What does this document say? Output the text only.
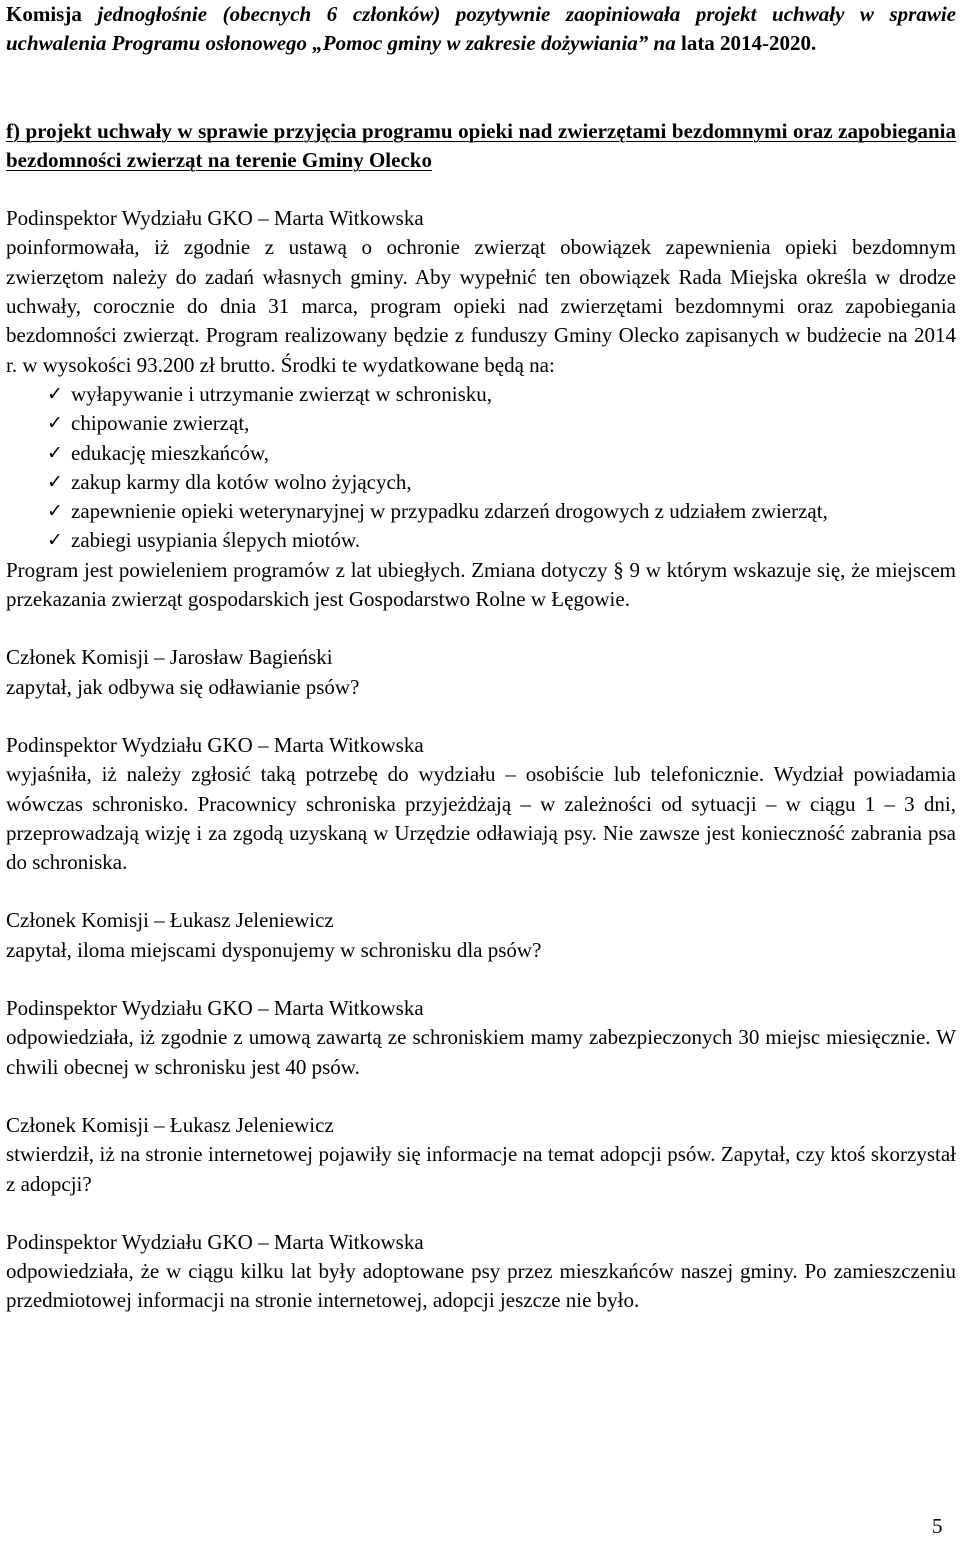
Komisja jednogłośnie (obecnych 6 członków) pozytywnie zaopiniowała projekt uchwały w sprawie uchwalenia Programu osłonowego „Pomoc gminy w zakresie dożywiania” na lata 2014-2020.

f) projekt uchwały w sprawie przyjęcia programu opieki nad zwierzętami bezdomnymi oraz zapobiegania bezdomności zwierząt na terenie Gminy Olecko

Podinspektor Wydziału GKO – Marta Witkowska

poinformowała, iż zgodnie z ustawą o ochronie zwierząt obowiązek zapewnienia opieki bezdomnym zwierzętom należy do zadań własnych gminy. Aby wypełnić ten obowiązek Rada Miejska określa w drodze uchwały, corocznie do dnia 31 marca, program opieki nad zwierzętami bezdomnymi oraz zapobiegania bezdomności zwierząt. Program realizowany będzie z funduszy Gminy Olecko zapisanych w budżecie na 2014 r. w wysokości 93.200 zł brutto. Środki te wydatkowane będą na:

✓ wyłapywanie i utrzymanie zwierząt w schronisku,
✓ chipowanie zwierząt,
✓ edukację mieszkańców,
✓ zakup karmy dla kotów wolno żyjących,
✓ zapewnienie opieki weterynaryjnej w przypadku zdarzeń drogowych z udziałem zwierząt,
✓ zabiegi usypiania ślepych miotów.

Program jest powieleniem programów z lat ubiegłych. Zmiana dotyczy § 9 w którym wskazuje się, że miejscem przekazania zwierząt gospodarskich jest Gospodarstwo Rolne w Łęgowie.

Członek Komisji – Jarosław Bagieński

zapytał, jak odbywa się odławianie psów?

Podinspektor Wydziału GKO – Marta Witkowska

wyjaśniła, iż należy zgłosić taką potrzebę do wydziału – osobiście lub telefonicznie. Wydział powiadamia wówczas schronisko. Pracownicy schroniska przyjeżdżają – w zależności od sytuacji – w ciągu 1 – 3 dni, przeprowadzają wizję i za zgodą uzyskaną w Urzędzie odławiają psy. Nie zawsze jest konieczność zabrania psa do schroniska.

Członek Komisji – Łukasz Jeleniewicz

zapytał, iloma miejscami dysponujemy w schronisku dla psów?

Podinspektor Wydziału GKO – Marta Witkowska

odpowiedziała, iż zgodnie z umową zawartą ze schroniskiem mamy zabezpieczonych 30 miejsc miesięcznie. W chwili obecnej w schronisku jest 40 psów.

Członek Komisji – Łukasz Jeleniewicz

stwierdził, iż na stronie internetowej pojawiły się informacje na temat adopcji psów. Zapytał, czy ktoś skorzystał z adopcji?

Podinspektor Wydziału GKO – Marta Witkowska

odpowiedziała, że w ciągu kilku lat były adoptowane psy przez mieszkańców naszej gminy. Po zamieszczeniu przedmiotowej informacji na stronie internetowej, adopcji jeszcze nie było.

5
